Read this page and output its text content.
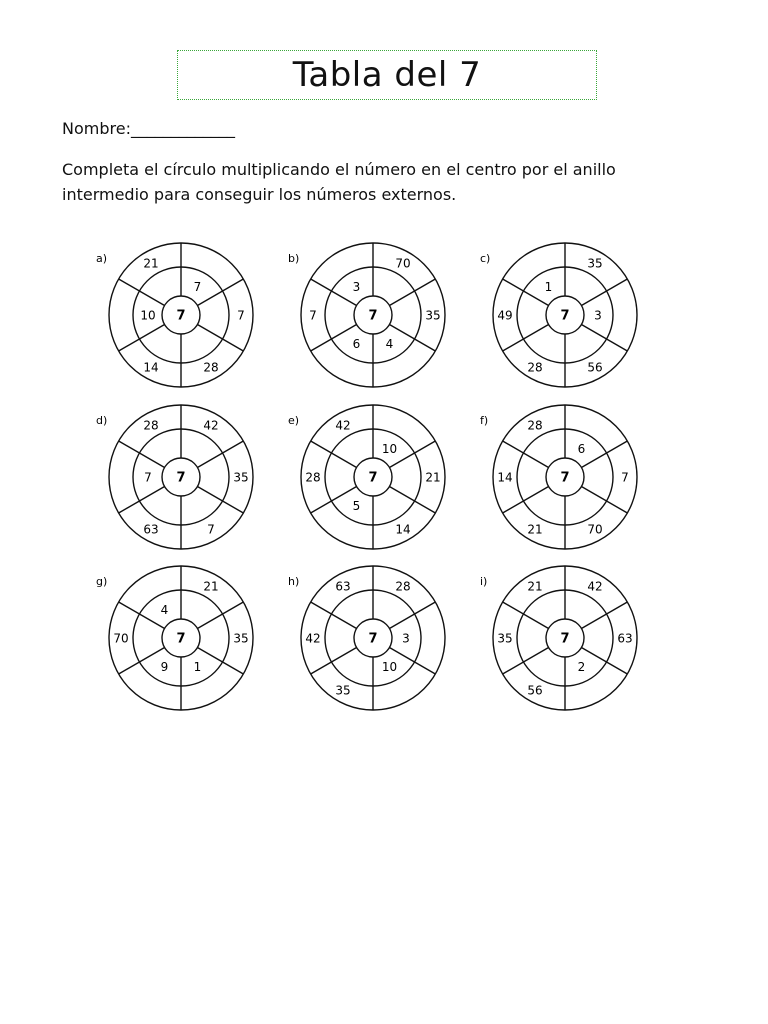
Tabla del 7
Nombre:_____________
Completa el círculo multiplicando el número en el centro por el anillo intermedio para conseguir los números externos.
a)
7
21
7
7
28
14
10
b)
7
3
70
35
4
6
7
c)
7
1
35
3
56
28
49
d)
7
28	42
35
7
63
7
e)
7
42
10
21
14
5
28
f)
7
28
6
7
70
21
14
g)
7
4
21
35
1
9
70
h)
7
63	28
3
10
35
42
i)
7
21	42
63
2
56
35
